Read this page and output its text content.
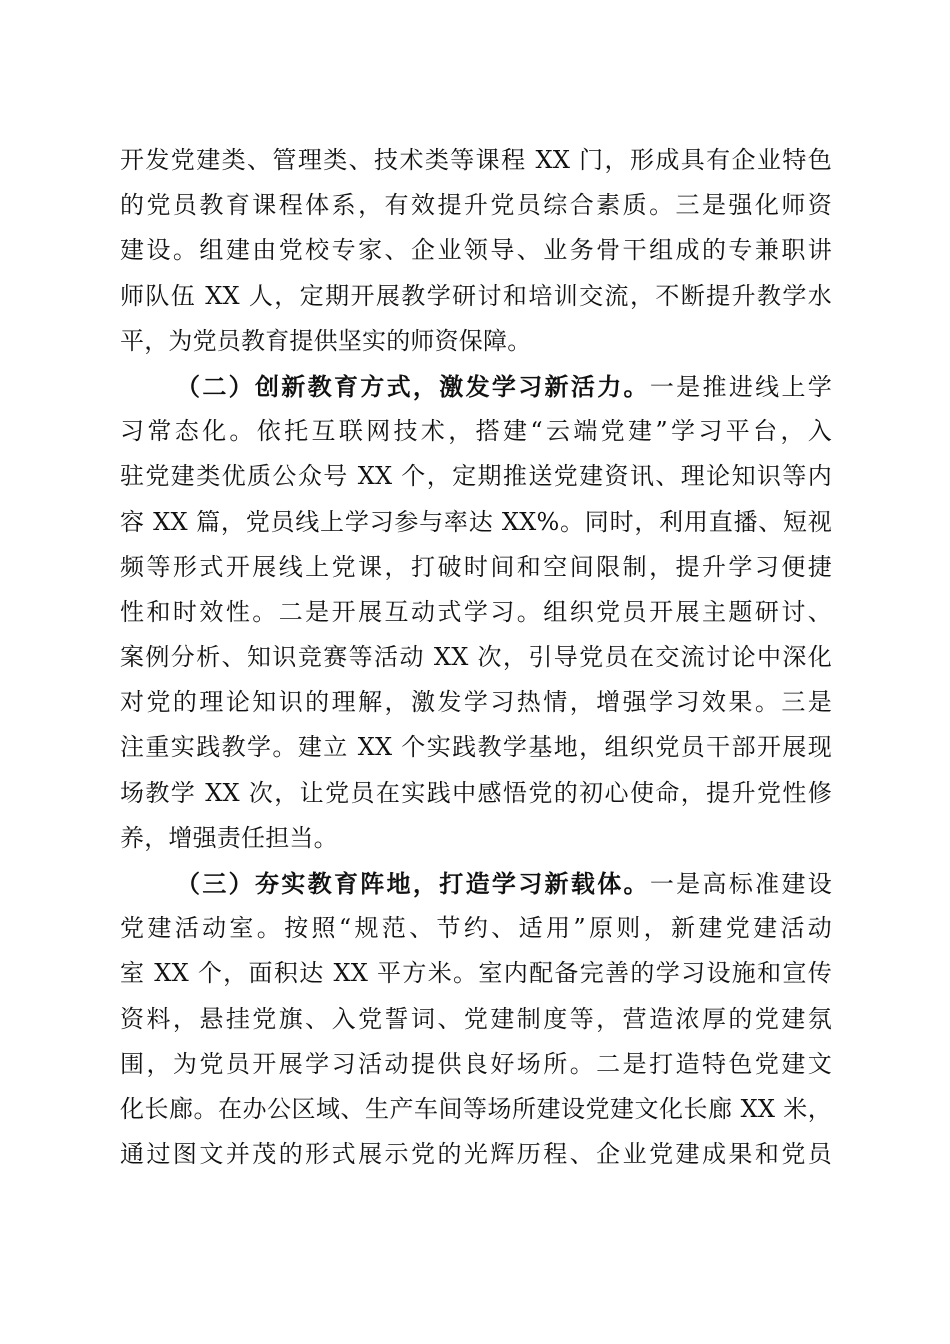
开发党建类、管理类、技术类等课程 XX 门，形成具有企业特色
的党员教育课程体系，有效提升党员综合素质。三是强化师资
建设。组建由党校专家、企业领导、业务骨干组成的专兼职讲
师队伍 XX 人，定期开展教学研讨和培训交流，不断提升教学水
平，为党员教育提供坚实的师资保障。
（二）创新教育方式，激发学习新活力。一是推进线上学
习常态化。依托互联网技术，搭建“云端党建”学习平台，入
驻党建类优质公众号 XX 个，定期推送党建资讯、理论知识等内
容 XX 篇，党员线上学习参与率达 XX%。同时，利用直播、短视
频等形式开展线上党课，打破时间和空间限制，提升学习便捷
性和时效性。二是开展互动式学习。组织党员开展主题研讨、
案例分析、知识竞赛等活动 XX 次，引导党员在交流讨论中深化
对党的理论知识的理解，激发学习热情，增强学习效果。三是
注重实践教学。建立 XX 个实践教学基地，组织党员干部开展现
场教学 XX 次，让党员在实践中感悟党的初心使命，提升党性修
养，增强责任担当。
（三）夯实教育阵地，打造学习新载体。一是高标准建设
党建活动室。按照“规范、节约、适用”原则，新建党建活动
室 XX 个，面积达 XX 平方米。室内配备完善的学习设施和宣传
资料，悬挂党旗、入党誓词、党建制度等，营造浓厚的党建氛
围，为党员开展学习活动提供良好场所。二是打造特色党建文
化长廊。在办公区域、生产车间等场所建设党建文化长廊 XX 米，
通过图文并茂的形式展示党的光辉历程、企业党建成果和党员
